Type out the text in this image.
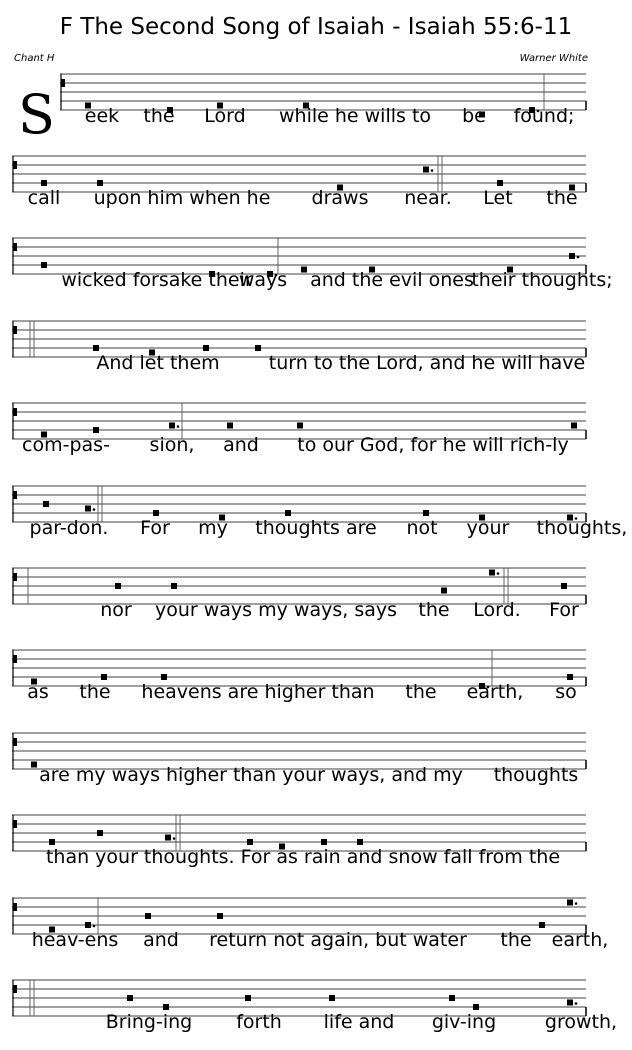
F The Second Song of Isaiah - Isaiah 55:6-11
Chant H	Warner White
S eek the Lord while he wills to be found;
call upon him when he draws near. Let the
wicked forsake their
ways and the evil ones
their thoughts;
And let them	turn to the Lord, and he will have
com-pas- sion, and to our God, for he will rich-ly
par-don. For my thoughts are not your thoughts,
nor your ways my ways, says the Lord. For
as the heavens are higher than the earth, so
are my ways higher than your ways, and my thoughts
than your thoughts. For as rain and snow fall from the
heav-ens and return not again, but water the earth,
Bring-ing forth life and giv-ing	growth,
